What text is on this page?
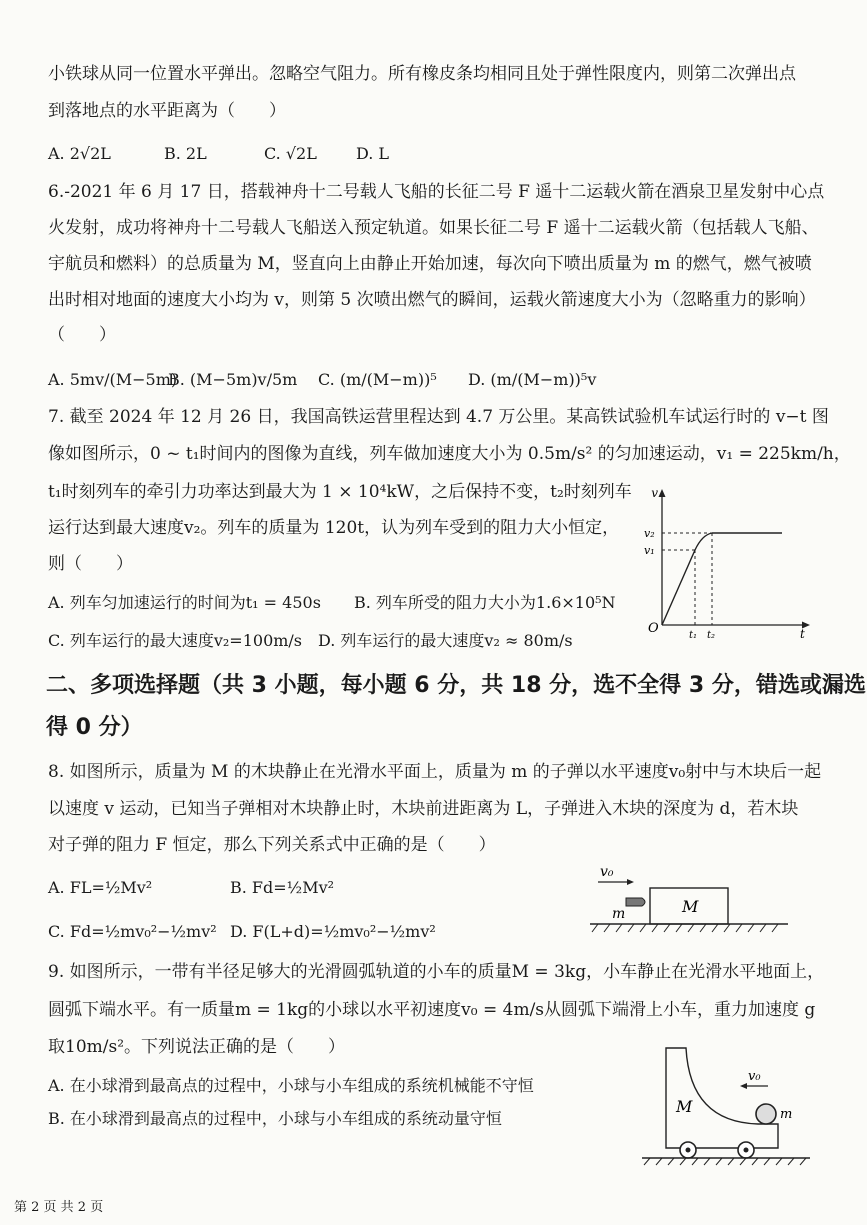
小铁球从同一位置水平弹出。忽略空气阻力。所有橡皮条均相同且处于弹性限度内，则第二次弹出点
到落地点的水平距离为（　　）
A. 2√2L	B. 2L	C. √2L D. L
6.-2021 年 6 月 17 日，搭载神舟十二号载人飞船的长征二号 F 遥十二运载火箭在酒泉卫星发射中心点
火发射，成功将神舟十二号载人飞船送入预定轨道。如果长征二号 F 遥十二运载火箭（包括载人飞船、
宇航员和燃料）的总质量为 M，竖直向上由静止开始加速，每次向下喷出质量为 m 的燃气，燃气被喷
出时相对地面的速度大小均为 v，则第 5 次喷出燃气的瞬间，运载火箭速度大小为（忽略重力的影响）
（　　）
A. 5mv/(M−5m)
B. (M−5m)v/5m C. (m/(M−m))⁵ D. (m/(M−m))⁵v
7. 截至 2024 年 12 月 26 日，我国高铁运营里程达到 4.7 万公里。某高铁试验机车试运行时的 v−t 图
像如图所示，0 ~ t₁时间内的图像为直线，列车做加速度大小为 0.5m/s² 的匀加速运动，v₁ = 225km/h，
t₁时刻列车的牵引力功率达到最大为 1 × 10⁴kW，之后保持不变，t₂时刻列车
运行达到最大速度v₂。列车的质量为 120t，认为列车受到的阻力大小恒定，
则（　　）
A. 列车匀加速运行的时间为t₁ = 450s B. 列车所受的阻力大小为1.6×10⁵N
C. 列车运行的最大速度v₂=100m/s D. 列车运行的最大速度v₂ ≈ 80m/s
v
v₂
v₁
O	t₁ t₂	t
二、多项选择题（共 3 小题，每小题 6 分，共 18 分，选不全得 3 分，错选或漏选
得 0 分）
8. 如图所示，质量为 M 的木块静止在光滑水平面上，质量为 m 的子弹以水平速度v₀射中与木块后一起
以速度 v 运动，已知当子弹相对木块静止时，木块前进距离为 L，子弹进入木块的深度为 d，若木块
对子弹的阻力 F 恒定，那么下列关系式中正确的是（　　）
A. FL=½Mv²	B. Fd=½Mv²
C. Fd=½mv₀²−½mv² D. F(L+d)=½mv₀²−½mv²
v₀
m	M
9. 如图所示，一带有半径足够大的光滑圆弧轨道的小车的质量M = 3kg，小车静止在光滑水平地面上，
圆弧下端水平。有一质量m = 1kg的小球以水平初速度v₀ = 4m/s从圆弧下端滑上小车，重力加速度 g
取10m/s²。下列说法正确的是（　　）
A. 在小球滑到最高点的过程中，小球与小车组成的系统机械能不守恒
B. 在小球滑到最高点的过程中，小球与小车组成的系统动量守恒
v₀
m
M
第 2 页 共 2 页
